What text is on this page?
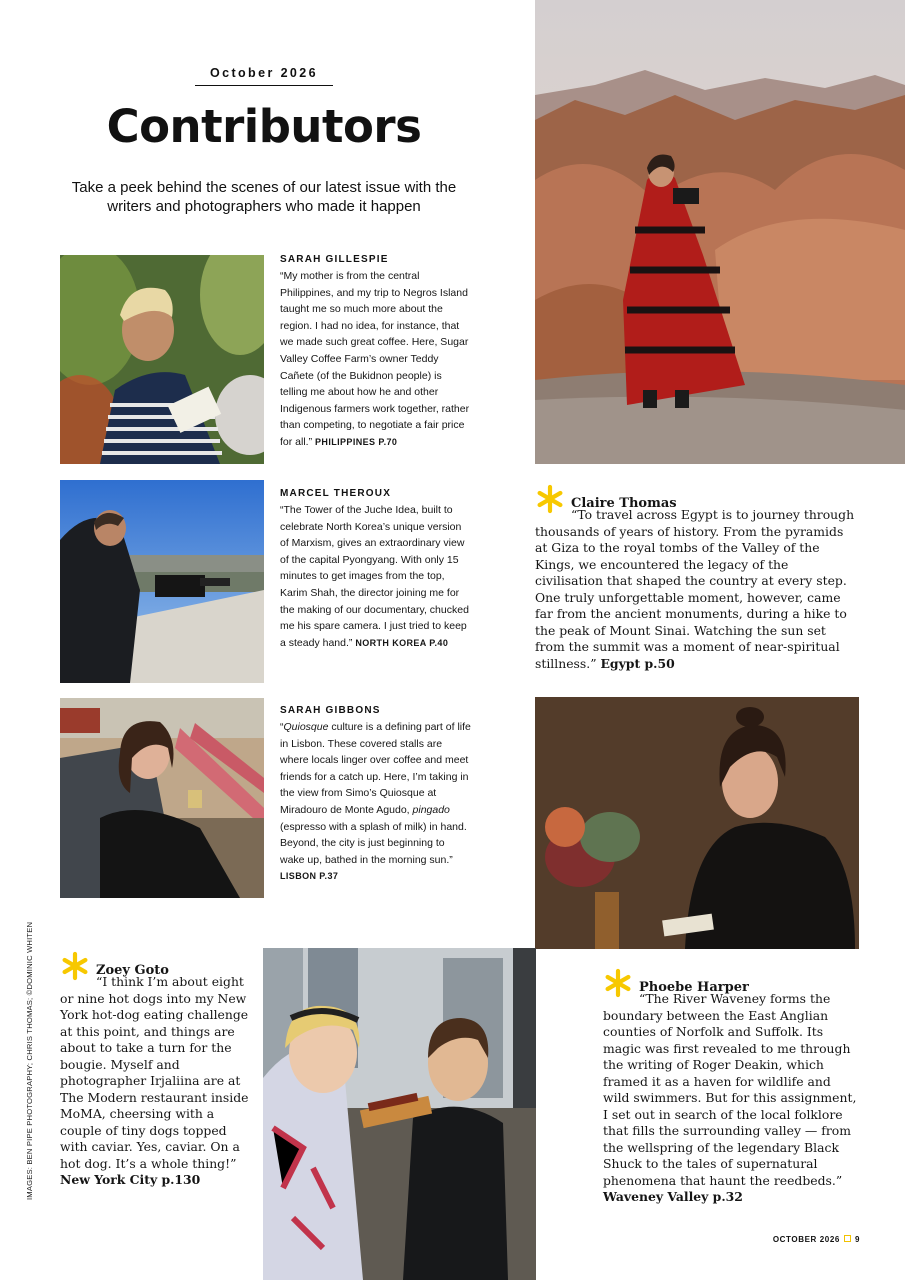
October 2026
Contributors
Take a peek behind the scenes of our latest issue with the writers and photographers who made it happen
SARAH GILLESPIE
“My mother is from the central Philippines, and my trip to Negros Island taught me so much more about the region. I had no idea, for instance, that we made such great coffee. Here, Sugar Valley Coffee Farm’s owner Teddy Cañete (of the Bukidnon people) is telling me about how he and other Indigenous farmers work together, rather than competing, to negotiate a fair price for all.” PHILIPPINES P.70
MARCEL THEROUX
“The Tower of the Juche Idea, built to celebrate North Korea’s unique version of Marxism, gives an extraordinary view of the capital Pyongyang. With only 15 minutes to get images from the top, Karim Shah, the director joining me for the making of our documentary, chucked me his spare camera. I just tried to keep a steady hand.” NORTH KOREA P.40
SARAH GIBBONS
“Quiosque culture is a defining part of life in Lisbon. These covered stalls are where locals linger over coffee and meet friends for a catch up. Here, I’m taking in the view from Simo’s Quiosque at Miradouro de Monte Agudo, pingado (espresso with a splash of milk) in hand. Beyond, the city is just beginning to wake up, bathed in the morning sun.” LISBON P.37
Claire Thomas
“To travel across Egypt is to journey through thousands of years of history. From the pyramids at Giza to the royal tombs of the Valley of the Kings, we encountered the legacy of the civilisation that shaped the country at every step. One truly unforgettable moment, however, came far from the ancient monuments, during a hike to the peak of Mount Sinai. Watching the sun set from the summit was a moment of near-spiritual stillness.” Egypt p.50
Phoebe Harper
“The River Waveney forms the boundary between the East Anglian counties of Norfolk and Suffolk. Its magic was first revealed to me through the writing of Roger Deakin, which framed it as a haven for wildlife and wild swimmers. But for this assignment, I set out in search of the local folklore that fills the surrounding valley — from the wellspring of the legendary Black Shuck to the tales of supernatural phenomena that haunt the reedbeds.” Waveney Valley p.32
Zoey Goto
“I think I’m about eight or nine hot dogs into my New York hot-dog eating challenge at this point, and things are about to take a turn for the bougie. Myself and photographer Irjaliina are at The Modern restaurant inside MoMA, cheersing with a couple of tiny dogs topped with caviar. Yes, caviar. On a hot dog. It’s a whole thing!” New York City p.130
IMAGES: BEN PIPE PHOTOGRAPHY; CHRIS THOMAS; ©DOMINIC WHITEN
OCTOBER 2026 9
